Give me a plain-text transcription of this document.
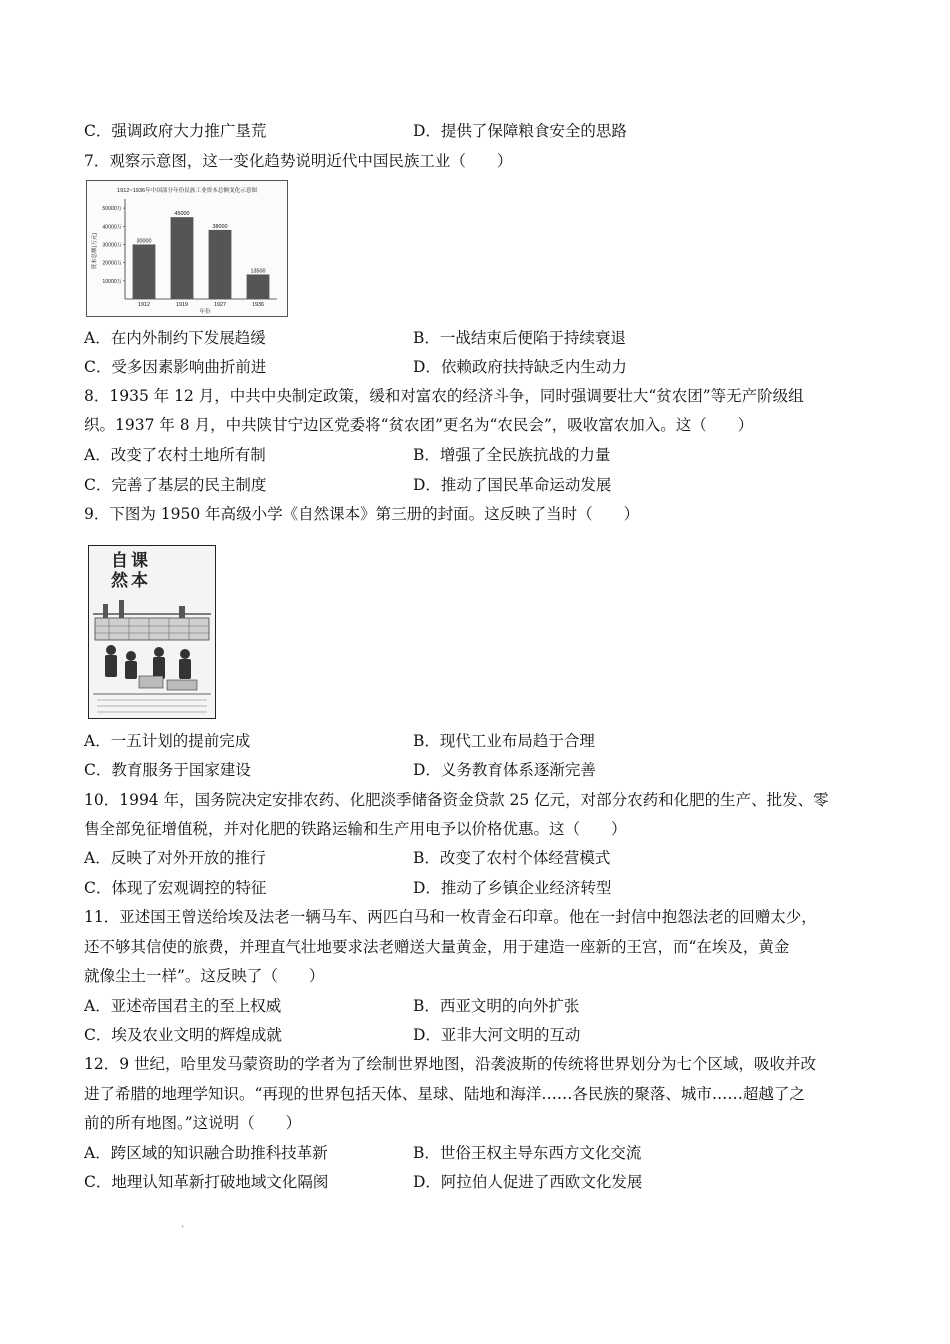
C．强调政府大力推广垦荒	D．提供了保障粮食安全的思路
7．观察示意图，这一变化趋势说明近代中国民族工业（　　）
1912~1936年中国部分年份民族工业资本总额变化示意图
资本总额(万元)
年份
10000万
20000万
30000万
40000万
50000万
30000
1912
45000
1919
38000
1927
13500
1936
A．在内外制约下发展趋缓	B．一战结束后便陷于持续衰退
C．受多因素影响曲折前进	D．依赖政府扶持缺乏内生动力
8．1935 年 12 月，中共中央制定政策，缓和对富农的经济斗争，同时强调要壮大“贫农团”等无产阶级组
织。1937 年 8 月，中共陕甘宁边区党委将“贫农团”更名为“农民会”，吸收富农加入。这（　　）
A．改变了农村土地所有制	B．增强了全民族抗战的力量
C．完善了基层的民主制度	D．推动了国民革命运动发展
9．下图为 1950 年高级小学《自然课本》第三册的封面。这反映了当时（　　）
自然课本
A．一五计划的提前完成	B．现代工业布局趋于合理
C．教育服务于国家建设	D．义务教育体系逐渐完善
10．1994 年，国务院决定安排农药、化肥淡季储备资金贷款 25 亿元，对部分农药和化肥的生产、批发、零
售全部免征增值税，并对化肥的铁路运输和生产用电予以价格优惠。这（　　）
A．反映了对外开放的推行	B．改变了农村个体经营模式
C．体现了宏观调控的特征	D．推动了乡镇企业经济转型
11．亚述国王曾送给埃及法老一辆马车、两匹白马和一枚青金石印章。他在一封信中抱怨法老的回赠太少，
还不够其信使的旅费，并理直气壮地要求法老赠送大量黄金，用于建造一座新的王宫，而“在埃及，黄金
就像尘土一样”。这反映了（　　）
A．亚述帝国君主的至上权威	B．西亚文明的向外扩张
C．埃及农业文明的辉煌成就	D．亚非大河文明的互动
12．9 世纪，哈里发马蒙资助的学者为了绘制世界地图，沿袭波斯的传统将世界划分为七个区域，吸收并改
进了希腊的地理学知识。“再现的世界包括天体、星球、陆地和海洋……各民族的聚落、城市……超越了之
前的所有地图。”这说明（　　）
A．跨区域的知识融合助推科技革新	B．世俗王权主导东西方文化交流
C．地理认知革新打破地域文化隔阂	D．阿拉伯人促进了西欧文化发展
.
